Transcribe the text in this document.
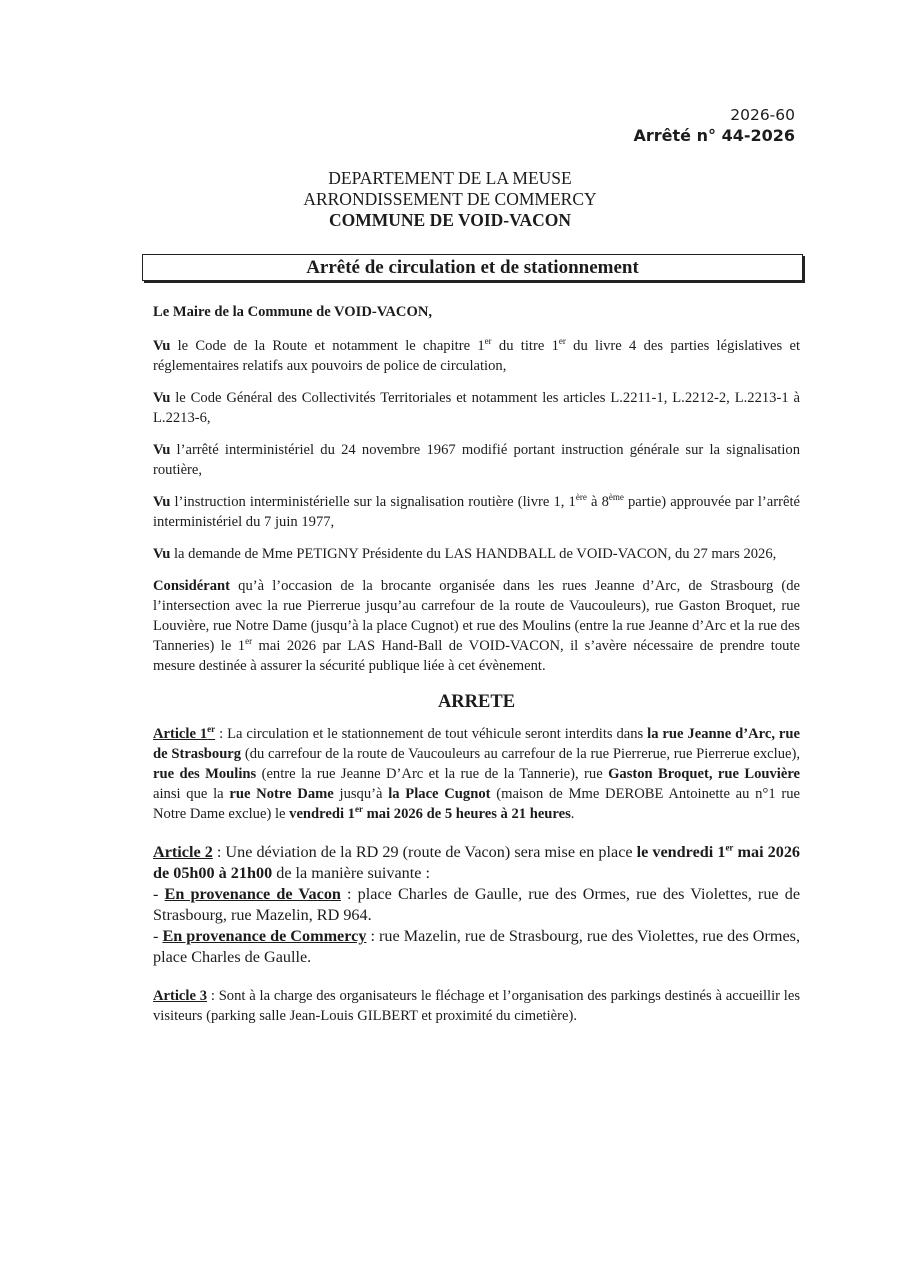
2026-60
Arrêté n° 44-2026
DEPARTEMENT DE LA MEUSE
ARRONDISSEMENT DE COMMERCY
COMMUNE DE VOID-VACON
Arrêté de circulation et de stationnement

Le Maire de la Commune de VOID-VACON,

Vu le Code de la Route et notamment le chapitre 1er du titre 1er du livre 4 des parties législatives et réglementaires relatifs aux pouvoirs de police de circulation,

Vu le Code Général des Collectivités Territoriales et notamment les articles L.2211-1, L.2212-2, L.2213-1 à L.2213-6,

Vu l’arrêté interministériel du 24 novembre 1967 modifié portant instruction générale sur la signalisation routière,

Vu l’instruction interministérielle sur la signalisation routière (livre 1, 1ère à 8ème partie) approuvée par l’arrêté interministériel du 7 juin 1977,

Vu la demande de Mme PETIGNY Présidente du LAS HANDBALL de VOID-VACON, du 27 mars 2026,

Considérant qu’à l’occasion de la brocante organisée dans les rues Jeanne d’Arc, de Strasbourg (de l’intersection avec la rue Pierrerue jusqu’au carrefour de la route de Vaucouleurs), rue Gaston Broquet, rue Louvière, rue Notre Dame (jusqu’à la place Cugnot) et rue des Moulins (entre la rue Jeanne d’Arc et la rue des Tanneries) le 1er mai 2026 par LAS Hand-Ball de VOID-VACON, il s’avère nécessaire de prendre toute mesure destinée à assurer la sécurité publique liée à cet évènement.

ARRETE

Article 1er : La circulation et le stationnement de tout véhicule seront interdits dans la rue Jeanne d’Arc, rue de Strasbourg (du carrefour de la route de Vaucouleurs au carrefour de la rue Pierrerue, rue Pierrerue exclue), rue des Moulins (entre la rue Jeanne D’Arc et la rue de la Tannerie), rue Gaston Broquet, rue Louvière ainsi que la rue Notre Dame jusqu’à la Place Cugnot (maison de Mme DEROBE Antoinette au n°1 rue Notre Dame exclue) le vendredi 1er mai 2026 de 5 heures à 21 heures.

Article 2 : Une déviation de la RD 29 (route de Vacon) sera mise en place le vendredi 1er mai 2026 de 05h00 à 21h00 de la manière suivante :
- En provenance de Vacon : place Charles de Gaulle, rue des Ormes, rue des Violettes, rue de Strasbourg, rue Mazelin, RD 964.
- En provenance de Commercy : rue Mazelin, rue de Strasbourg, rue des Violettes, rue des Ormes, place Charles de Gaulle.

Article 3 : Sont à la charge des organisateurs le fléchage et l’organisation des parkings destinés à accueillir les visiteurs (parking salle Jean-Louis GILBERT et proximité du cimetière).
